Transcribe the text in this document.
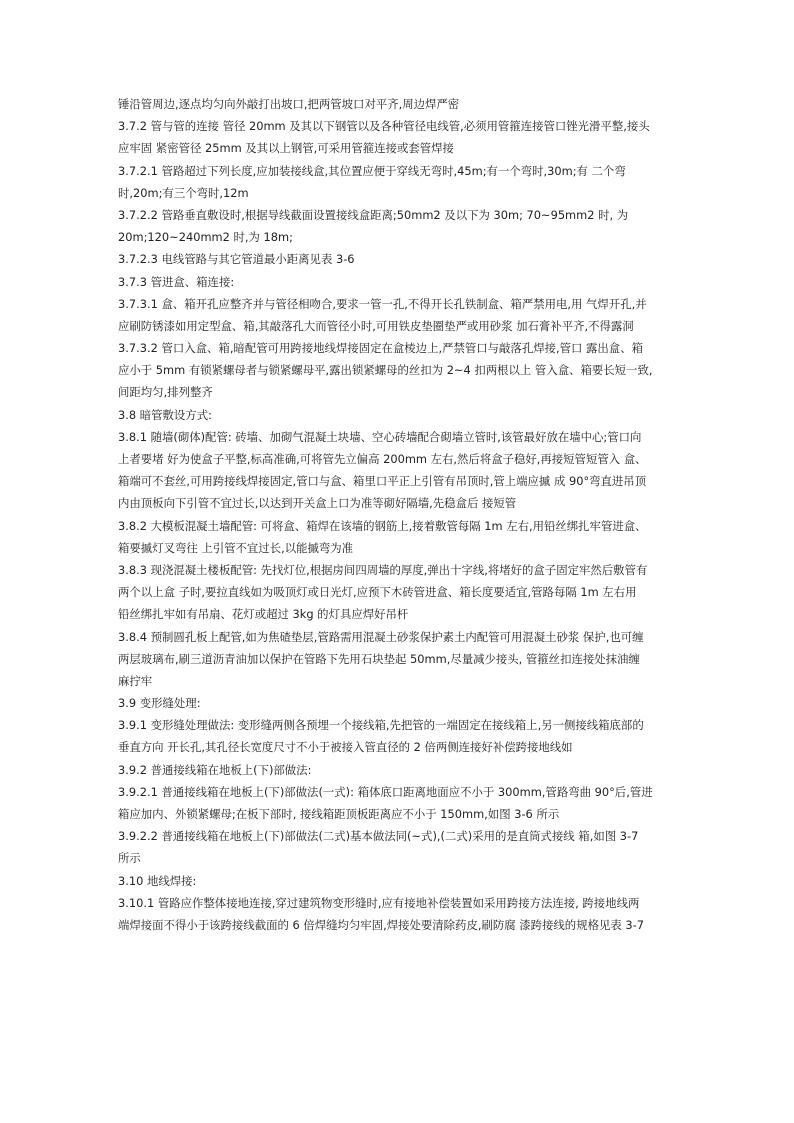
锤沿管周边,逐点均匀向外敲打出坡口,把两管坡口对平齐,周边焊严密
3.7.2 管与管的连接 管径 20mm 及其以下钢管以及各种管径电线管,必须用管箍连接管口锉光滑平整,接头
应牢固 紧密管径 25mm 及其以上钢管,可采用管箍连接或套管焊接
3.7.2.1 管路超过下列长度,应加装接线盒,其位置应便于穿线无弯时,45m;有一个弯时,30m;有 二个弯
时,20m;有三个弯时,12m
3.7.2.2 管路垂直敷设时,根据导线截面设置接线盒距离;50mm2 及以下为 30m; 70~95mm2 时, 为
20m;120~240mm2 时,为 18m;
3.7.2.3 电线管路与其它管道最小距离见表 3-6
3.7.3 管进盒、箱连接:
3.7.3.1 盒、箱开孔应整齐并与管径相吻合,要求一管一孔,不得开长孔铁制盒、箱严禁用电,用 气焊开孔,并
应刷防锈漆如用定型盒、箱,其敲落孔大而管径小时,可用铁皮垫圈垫严或用砂浆 加石膏补平齐,不得露洞
3.7.3.2 管口入盒、箱,暗配管可用跨接地线焊接固定在盒棱边上,严禁管口与敲落孔焊接,管口 露出盒、箱
应小于 5mm 有锁紧螺母者与锁紧螺母平,露出锁紧螺母的丝扣为 2~4 扣两根以上 管入盒、箱要长短一致,
间距均匀,排列整齐
3.8 暗管敷设方式:
3.8.1 随墙(砌体)配管: 砖墙、加砌气混凝土块墙、空心砖墙配合砌墙立管时,该管最好放在墙中心;管口向
上者要堵 好为使盒子平整,标高准确,可将管先立偏高 200mm 左右,然后将盒子稳好,再接短管短管入 盒、
箱端可不套丝,可用跨接线焊接固定,管口与盒、箱里口平正上引管有吊顶时,管上端应摵 成 90°弯直进吊顶
内由顶板向下引管不宜过长,以达到开关盒上口为准等砌好隔墙,先稳盒后 接短管
3.8.2 大模板混凝土墙配管: 可将盒、箱焊在该墙的钢筋上,接着敷管每隔 1m 左右,用铅丝绑扎牢管进盒、
箱要摵灯叉弯往 上引管不宜过长,以能摵弯为准
3.8.3 现浇混凝土楼板配管: 先找灯位,根据房间四周墙的厚度,弹出十字线,将堵好的盒子固定牢然后敷管有
两个以上盒 子时,要拉直线如为吸顶灯或日光灯,应预下木砖管进盒、箱长度要适宜,管路每隔 1m 左右用
铅丝绑扎牢如有吊扇、花灯或超过 3kg 的灯具应焊好吊杆
3.8.4 预制圆孔板上配管,如为焦碴垫层,管路需用混凝土砂浆保护素土内配管可用混凝土砂浆 保护,也可缠
两层玻璃布,刷三道沥青油加以保护在管路下先用石块垫起 50mm,尽量减少接头, 管箍丝扣连接处抹油缠
麻拧牢
3.9 变形缝处理:
3.9.1 变形缝处理做法: 变形缝两侧各预埋一个接线箱,先把管的一端固定在接线箱上,另一侧接线箱底部的
垂直方向 开长孔,其孔径长宽度尺寸不小于被接入管直径的 2 倍两侧连接好补偿跨接地线如
3.9.2 普通接线箱在地板上(下)部做法:
3.9.2.1 普通接线箱在地板上(下)部做法(一式): 箱体底口距离地面应不小于 300mm,管路弯曲 90°后,管进
箱应加内、外锁紧螺母;在板下部时, 接线箱距顶板距离应不小于 150mm,如图 3-6 所示
3.9.2.2 普通接线箱在地板上(下)部做法(二式)基本做法同(~式),(二式)采用的是直筒式接线 箱,如图 3-7
所示
3.10 地线焊接:
3.10.1 管路应作整体接地连接,穿过建筑物变形缝时,应有接地补偿装置如采用跨接方法连接, 跨接地线两
端焊接面不得小于该跨接线截面的 6 倍焊缝均匀牢固,焊接处要清除药皮,刷防腐 漆跨接线的规格见表 3-7
